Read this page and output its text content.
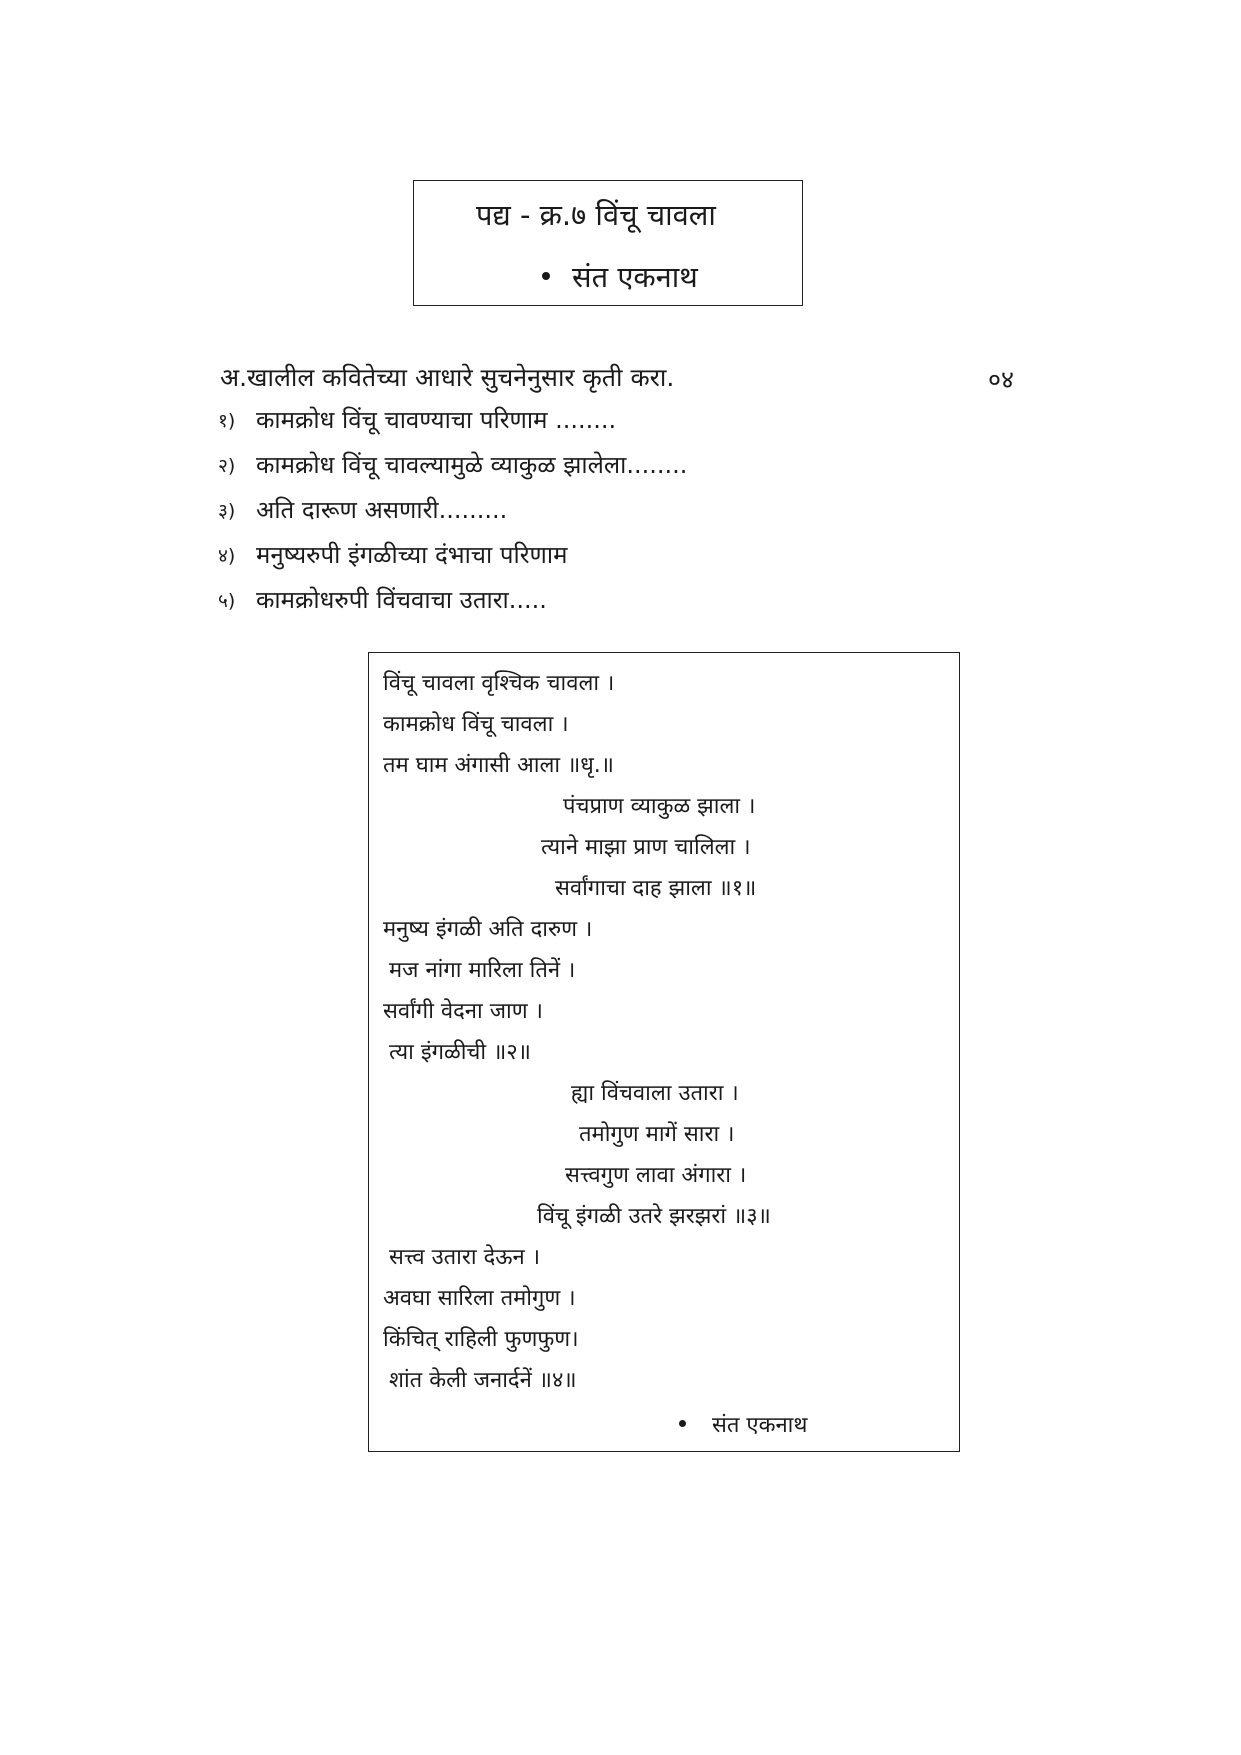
पद्य - क्र.७ विंचू चावला
संत एकनाथ
अ.खालील कवितेच्या आधारे सुचनेनुसार कृती करा.	०४
१) कामक्रोध विंचू चावण्याचा परिणाम ........
२) कामक्रोध विंचू चावल्यामुळे व्याकुळ झालेला........
३) अति दारूण असणारी.........
४) मनुष्यरुपी इंगळीच्या दंभाचा परिणाम
५) कामक्रोधरुपी विंचवाचा उतारा.....
विंचू चावला वृश्चिक चावला ।
कामक्रोध विंचू चावला ।
तम घाम अंगासी आला ॥धृ.॥
पंचप्राण व्याकुळ झाला ।
त्याने माझा प्राण चालिला ।
सर्वांगाचा दाह झाला ॥१॥
मनुष्य इंगळी अति दारुण ।
मज नांगा मारिला तिनें ।
सर्वांगी वेदना जाण ।
त्या इंगळीची ॥२॥
ह्या विंचवाला उतारा ।
तमोगुण मागें सारा ।
सत्त्वगुण लावा अंगारा ।
विंचू इंगळी उतरे झरझरां ॥३॥
सत्त्व उतारा देऊन ।
अवघा सारिला तमोगुण ।
किंचित् राहिली फुणफुण।
शांत केली जनार्दनें ॥४॥
संत एकनाथ
